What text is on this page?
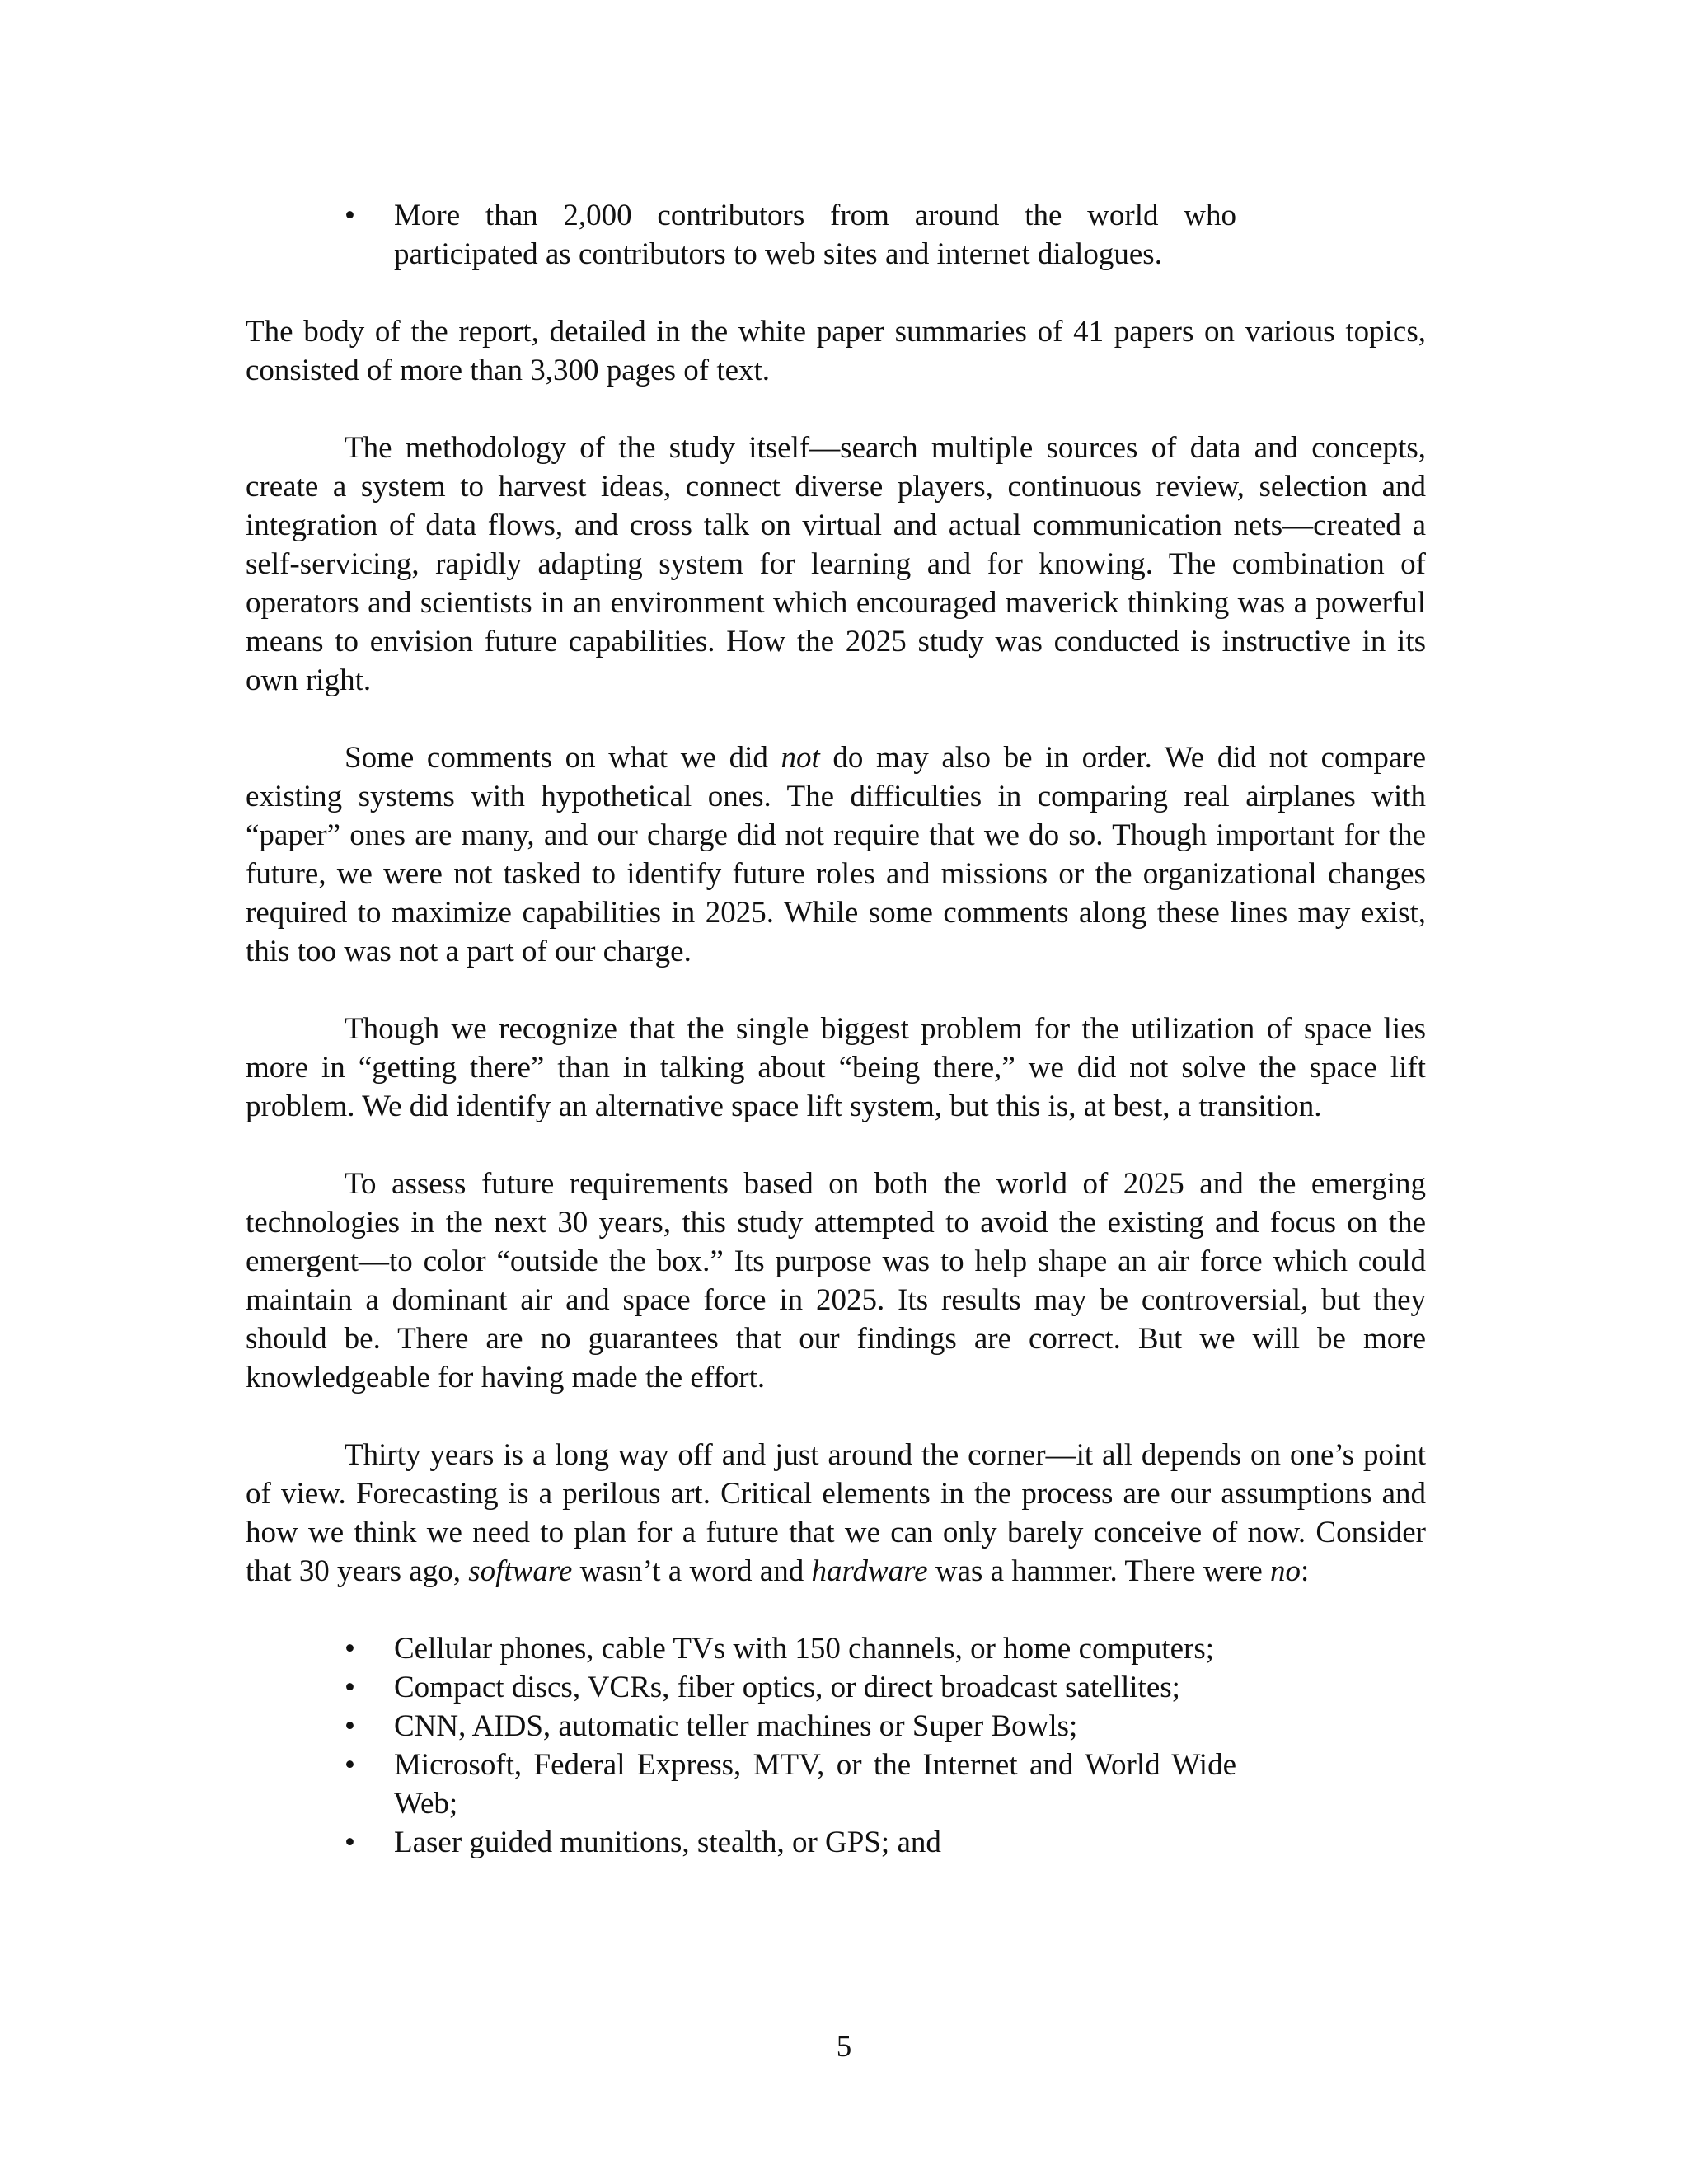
• More than 2,000 contributors from around the world who participated as contributors to web sites and internet dialogues.

The body of the report, detailed in the white paper summaries of 41 papers on various topics, consisted of more than 3,300 pages of text.

The methodology of the study itself—search multiple sources of data and concepts, create a system to harvest ideas, connect diverse players, continuous review, selection and integration of data flows, and cross talk on virtual and actual communication nets—created a self-servicing, rapidly adapting system for learning and for knowing. The combination of operators and scientists in an environment which encouraged maverick thinking was a powerful means to envision future capabilities. How the 2025 study was conducted is instructive in its own right.

Some comments on what we did not do may also be in order. We did not compare existing systems with hypothetical ones. The difficulties in comparing real airplanes with “paper” ones are many, and our charge did not require that we do so. Though important for the future, we were not tasked to identify future roles and missions or the organizational changes required to maximize capabilities in 2025. While some comments along these lines may exist, this too was not a part of our charge.

Though we recognize that the single biggest problem for the utilization of space lies more in “getting there” than in talking about “being there,” we did not solve the space lift problem. We did identify an alternative space lift system, but this is, at best, a transition.

To assess future requirements based on both the world of 2025 and the emerging technologies in the next 30 years, this study attempted to avoid the existing and focus on the emergent—to color “outside the box.” Its purpose was to help shape an air force which could maintain a dominant air and space force in 2025. Its results may be controversial, but they should be. There are no guarantees that our findings are correct. But we will be more knowledgeable for having made the effort.

Thirty years is a long way off and just around the corner—it all depends on one’s point of view. Forecasting is a perilous art. Critical elements in the process are our assumptions and how we think we need to plan for a future that we can only barely conceive of now. Consider that 30 years ago, software wasn’t a word and hardware was a hammer. There were no:

• Cellular phones, cable TVs with 150 channels, or home computers;
• Compact discs, VCRs, fiber optics, or direct broadcast satellites;
• CNN, AIDS, automatic teller machines or Super Bowls;
• Microsoft, Federal Express, MTV, or the Internet and World Wide Web;
• Laser guided munitions, stealth, or GPS; and
5
